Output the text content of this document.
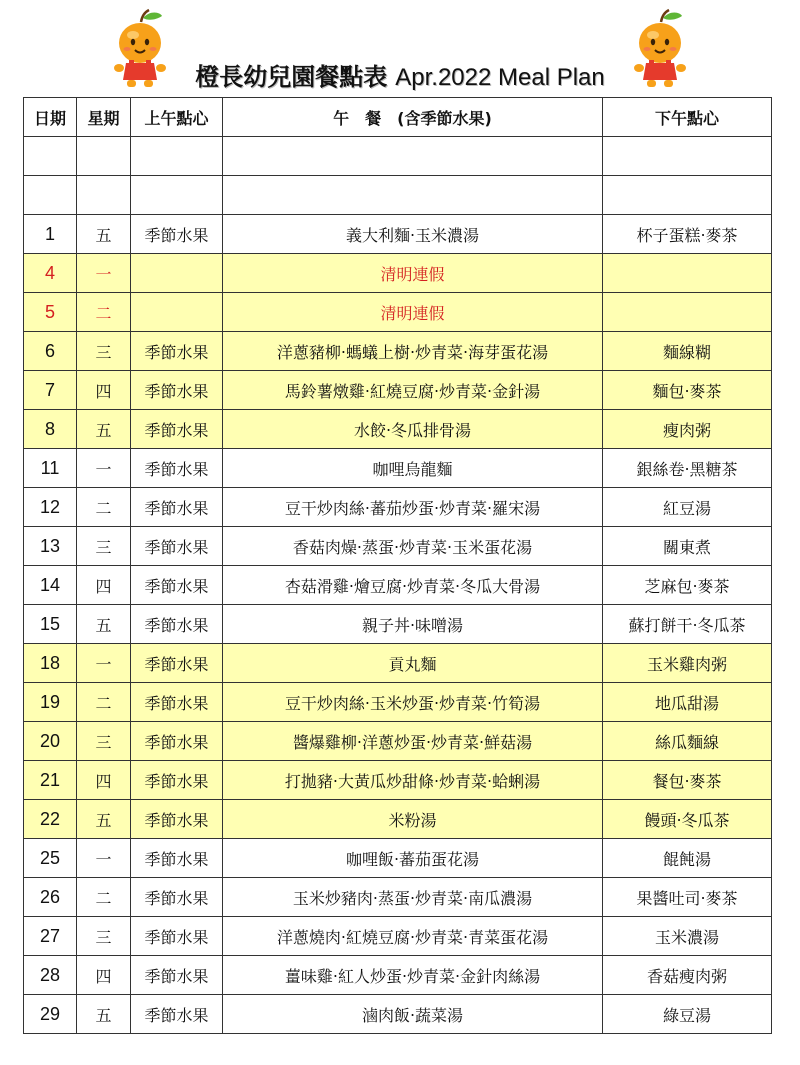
橙長幼兒園餐點表 Apr.2022 Meal Plan
日期	星期	上午點心	午　餐　(含季節水果)	下午點心

1	五	季節水果	義大利麵‧玉米濃湯	杯子蛋糕‧麥茶
4	一		清明連假	
5	二		清明連假	
6	三	季節水果	洋蔥豬柳‧螞蟻上樹‧炒青菜‧海芽蛋花湯	麵線糊
7	四	季節水果	馬鈴薯燉雞‧紅燒豆腐‧炒青菜‧金針湯	麵包‧麥茶
8	五	季節水果	水餃‧冬瓜排骨湯	瘦肉粥
11	一	季節水果	咖哩烏龍麵	銀絲卷‧黑糖茶
12	二	季節水果	豆干炒肉絲‧蕃茄炒蛋‧炒青菜‧羅宋湯	紅豆湯
13	三	季節水果	香菇肉燥‧蒸蛋‧炒青菜‧玉米蛋花湯	關東煮
14	四	季節水果	杏菇滑雞‧燴豆腐‧炒青菜‧冬瓜大骨湯	芝麻包‧麥茶
15	五	季節水果	親子丼‧味噌湯	蘇打餅干‧冬瓜茶
18	一	季節水果	貢丸麵	玉米雞肉粥
19	二	季節水果	豆干炒肉絲‧玉米炒蛋‧炒青菜‧竹筍湯	地瓜甜湯
20	三	季節水果	醬爆雞柳‧洋蔥炒蛋‧炒青菜‧鮮菇湯	絲瓜麵線
21	四	季節水果	打拋豬‧大黃瓜炒甜條‧炒青菜‧蛤蜊湯	餐包‧麥茶
22	五	季節水果	米粉湯	饅頭‧冬瓜茶
25	一	季節水果	咖哩飯‧蕃茄蛋花湯	餛飩湯
26	二	季節水果	玉米炒豬肉‧蒸蛋‧炒青菜‧南瓜濃湯	果醬吐司‧麥茶
27	三	季節水果	洋蔥燒肉‧紅燒豆腐‧炒青菜‧青菜蛋花湯	玉米濃湯
28	四	季節水果	薑味雞‧紅人炒蛋‧炒青菜‧金針肉絲湯	香菇瘦肉粥
29	五	季節水果	滷肉飯‧蔬菜湯	綠豆湯
